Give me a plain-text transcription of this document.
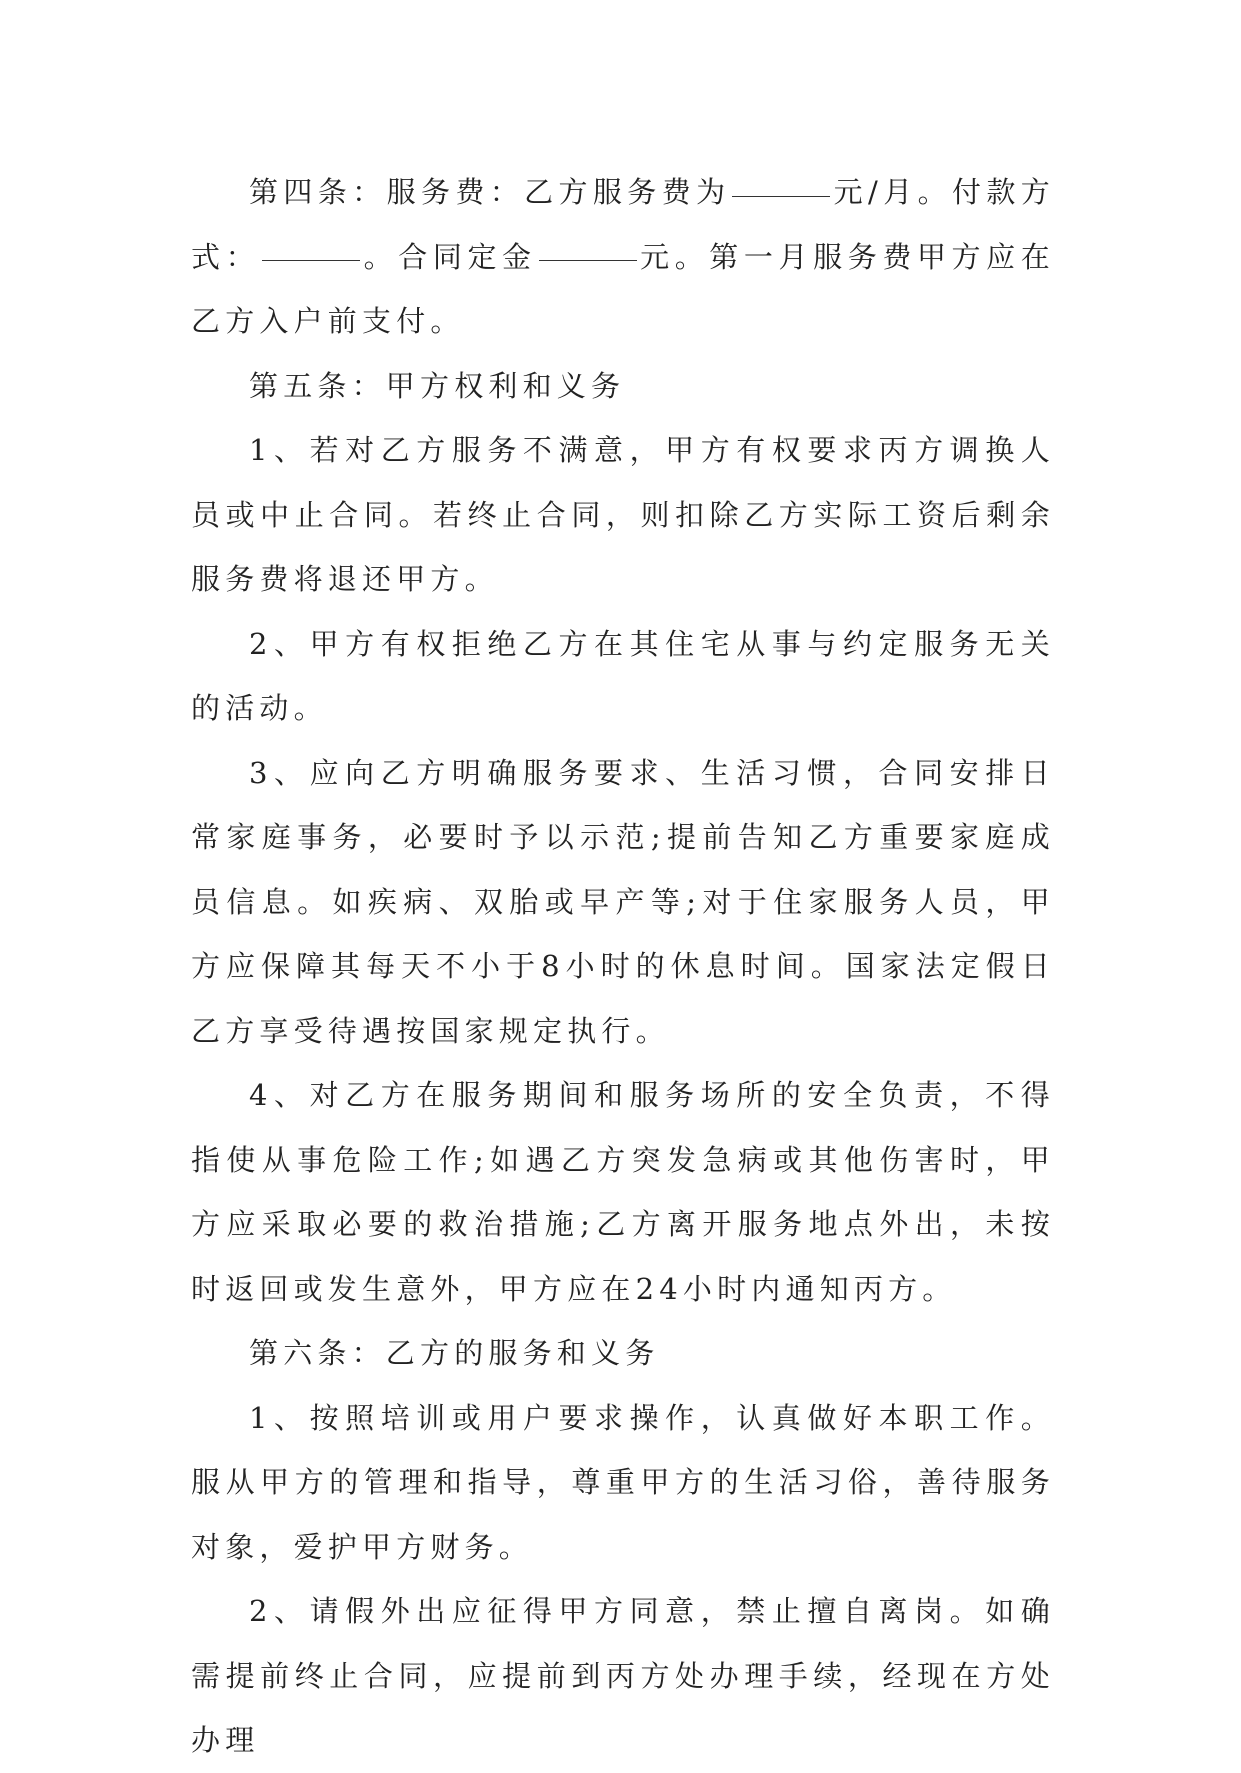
第四条：服务费：乙方服务费为	元/月。付款方式：	。合同定金	元。第一月服务费甲方应在乙方入户前支付。

第五条：甲方权利和义务

1、若对乙方服务不满意，甲方有权要求丙方调换人员或中止合同。若终止合同，则扣除乙方实际工资后剩余服务费将退还甲方。

2、甲方有权拒绝乙方在其住宅从事与约定服务无关的活动。

3、应向乙方明确服务要求、生活习惯，合同安排日常家庭事务，必要时予以示范;提前告知乙方重要家庭成员信息。如疾病、双胎或早产等;对于住家服务人员，甲方应保障其每天不小于8小时的休息时间。国家法定假日乙方享受待遇按国家规定执行。

4、对乙方在服务期间和服务场所的安全负责，不得指使从事危险工作;如遇乙方突发急病或其他伤害时，甲方应采取必要的救治措施;乙方离开服务地点外出，未按时返回或发生意外，甲方应在24小时内通知丙方。

第六条：乙方的服务和义务

1、按照培训或用户要求操作，认真做好本职工作。服从甲方的管理和指导，尊重甲方的生活习俗，善待服务对象，爱护甲方财务。

2、请假外出应征得甲方同意，禁止擅自离岗。如确需提前终止合同，应提前到丙方处办理手续，经现在方处办理
